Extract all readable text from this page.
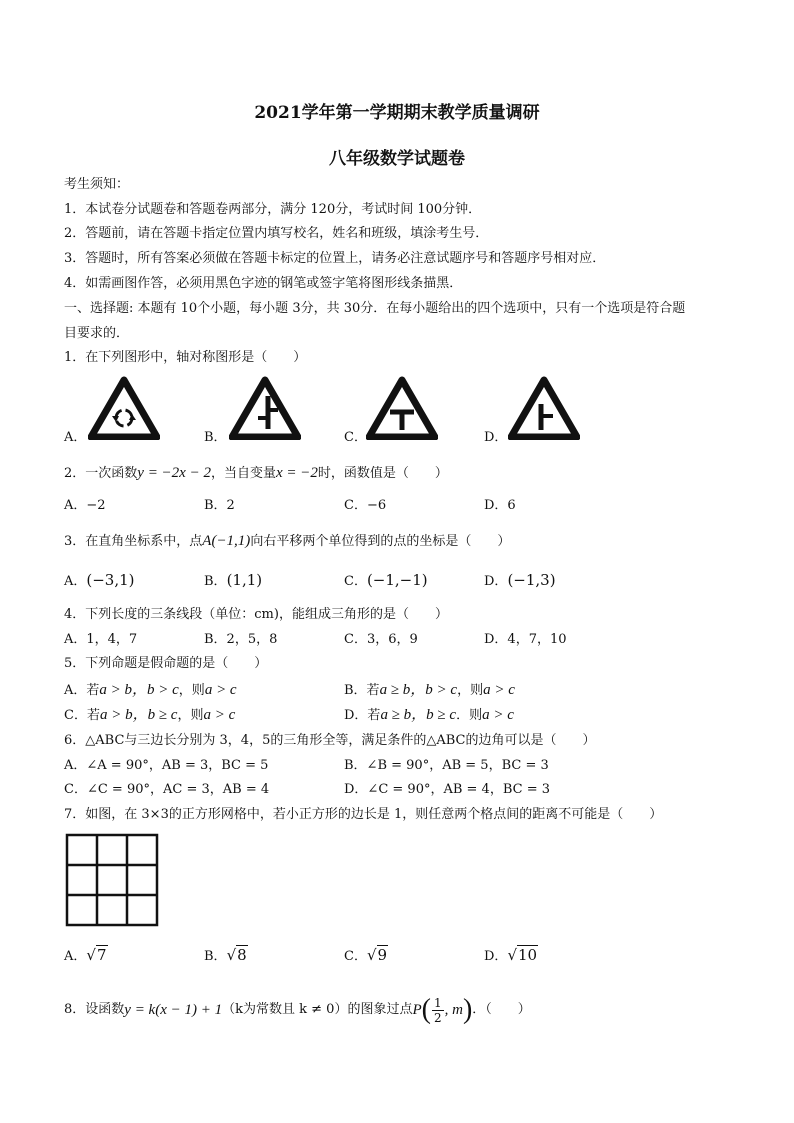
2021学年第一学期期末教学质量调研
八年级数学试题卷
考生须知：
1．本试卷分试题卷和答题卷两部分，满分 120分，考试时间 100分钟．
2．答题前，请在答题卡指定位置内填写校名，姓名和班级，填涂考生号．
3．答题时，所有答案必须做在答题卡标定的位置上，请务必注意试题序号和答题序号相对应．
4．如需画图作答，必须用黑色字迹的钢笔或签字笔将图形线条描黑．
一、选择题: 本题有 10个小题，每小题 3分，共 30分．在每小题给出的四个选项中，只有一个选项是符合题
目要求的．
1．在下列图形中，轴对称图形是（　　）
A．	B．	C．	D．
2．一次函数y = −2x − 2，当自变量x = −2时，函数值是（　　）
A．−2	B．2	C．−6	D．6
3．在直角坐标系中，点A(−1,1)向右平移两个单位得到的点的坐标是（　　）
A．(−3,1)	B．(1,1)	C．(−1,−1)	D．(−1,3)
4．下列长度的三条线段（单位：cm)，能组成三角形的是（　　）
A．1，4，7	B．2，5，8	C．3，6，9	D．4，7，10
5．下列命题是假命题的是（　　）
A．若a > b，b > c，则a > c	B．若a ≥ b，b > c，则a > c
C．若a > b，b ≥ c，则a > c	D．若a ≥ b，b ≥ c．则a > c
6．△ABC与三边长分别为 3，4，5的三角形全等，满足条件的△ABC的边角可以是（　　）
A．∠A = 90°，AB = 3，BC = 5	B．∠B = 90°，AB = 5，BC = 3
C．∠C = 90°，AC = 3，AB = 4	D．∠C = 90°，AB = 4，BC = 3
7．如图，在 3×3的正方形网格中，若小正方形的边长是 1，则任意两个格点间的距离不可能是（　　）
A．√7	B．√8	C．√9	D．√10
8．设函数 y = k(x − 1) + 1 （k为常数且 k ≠ 0）的图象过点 P ( $\frac{1}{2}$ , m ) ．（　　）
